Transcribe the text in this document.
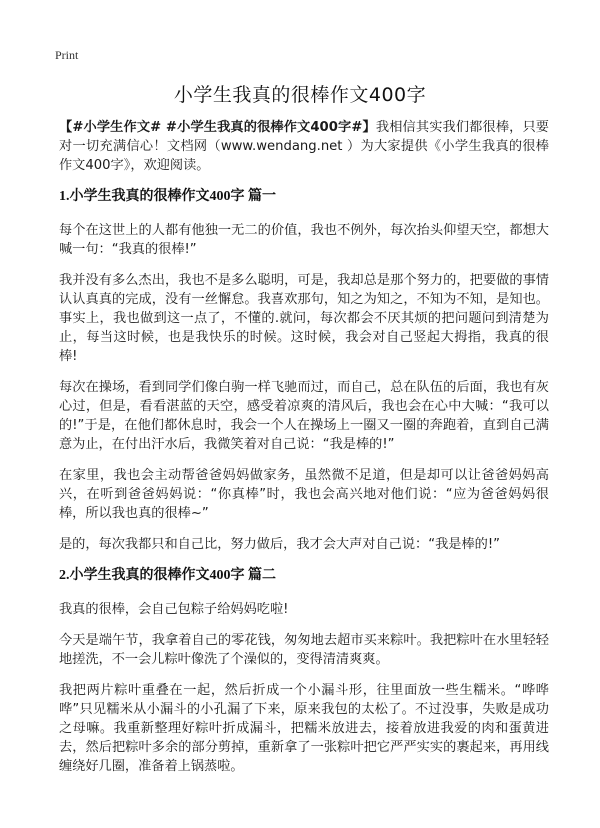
Print
小学生我真的很棒作文400字

【#小学生作文# #小学生我真的很棒作文400字#】我相信其实我们都很棒，只要对一切充满信心！文档网（www.wendang.net ）为大家提供《小学生我真的很棒作文400字》，欢迎阅读。

1.小学生我真的很棒作文400字 篇一

每个在这世上的人都有他独一无二的价值，我也不例外，每次抬头仰望天空，都想大喊一句：“我真的很棒!”

我并没有多么杰出，我也不是多么聪明，可是，我却总是那个努力的，把要做的事情认认真真的完成，没有一丝懈怠。我喜欢那句，知之为知之，不知为不知，是知也。事实上，我也做到这一点了，不懂的.就问，每次都会不厌其烦的把问题问到清楚为止，每当这时候，也是我快乐的时候。这时候，我会对自己竖起大拇指，我真的很棒!

每次在操场，看到同学们像白驹一样飞驰而过，而自己，总在队伍的后面，我也有灰心过，但是，看看湛蓝的天空，感受着凉爽的清风后，我也会在心中大喊：“我可以的!”于是，在他们都休息时，我会一个人在操场上一圈又一圈的奔跑着，直到自己满意为止，在付出汗水后，我微笑着对自己说：“我是棒的!”

在家里，我也会主动帮爸爸妈妈做家务，虽然微不足道，但是却可以让爸爸妈妈高兴，在听到爸爸妈妈说：“你真棒”时，我也会高兴地对他们说：“应为爸爸妈妈很棒，所以我也真的很棒~”

是的，每次我都只和自己比，努力做后，我才会大声对自己说：“我是棒的!”

2.小学生我真的很棒作文400字 篇二

我真的很棒，会自己包粽子给妈妈吃啦!

今天是端午节，我拿着自己的零花钱，匆匆地去超市买来粽叶。我把粽叶在水里轻轻地搓洗，不一会儿粽叶像洗了个澡似的，变得清清爽爽。

我把两片粽叶重叠在一起，然后折成一个小漏斗形，往里面放一些生糯米。“哗哗哗”只见糯米从小漏斗的小孔漏了下来，原来我包的太松了。不过没事，失败是成功之母嘛。我重新整理好粽叶折成漏斗，把糯米放进去，接着放进我爱的肉和蛋黄进去，然后把粽叶多余的部分剪掉，重新拿了一张粽叶把它严严实实的裹起来，再用线缠绕好几圈，准备着上锅蒸啦。
